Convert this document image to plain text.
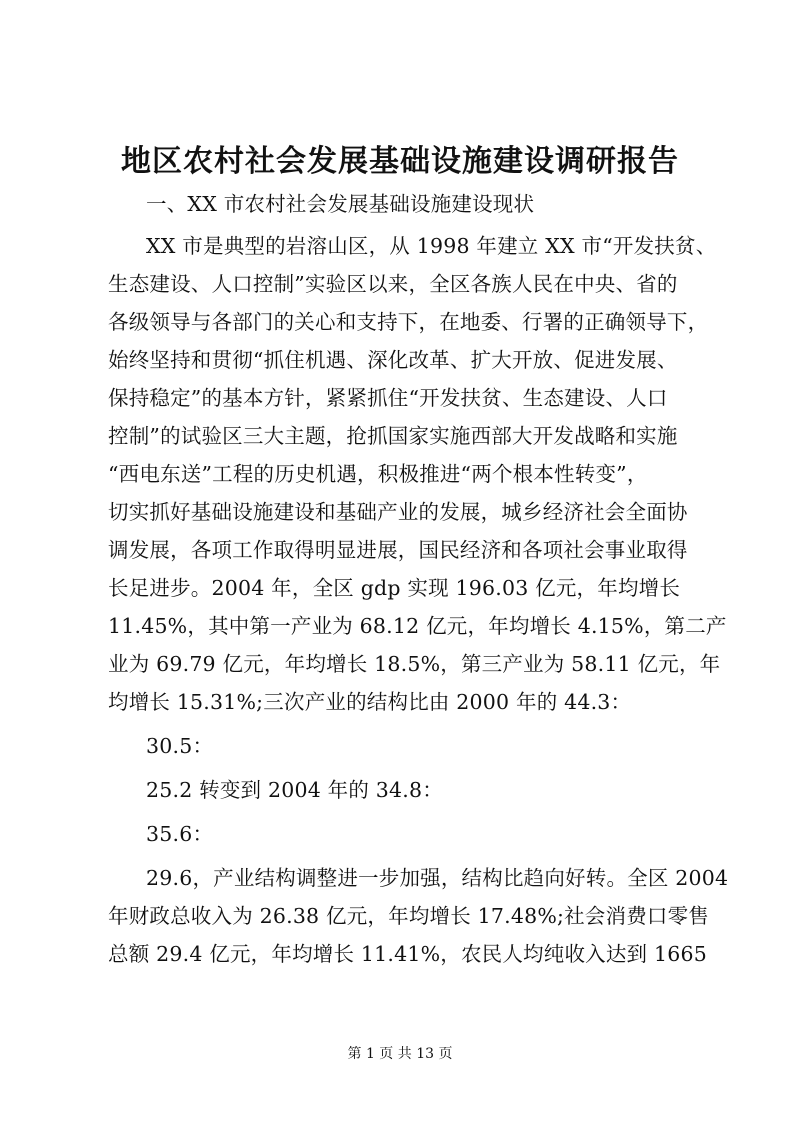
地区农村社会发展基础设施建设调研报告
一、XX 市农村社会发展基础设施建设现状
XX 市是典型的岩溶山区，从 1998 年建立 XX 市“开发扶贫、
生态建设、人口控制”实验区以来，全区各族人民在中央、省的
各级领导与各部门的关心和支持下，在地委、行署的正确领导下，
始终坚持和贯彻“抓住机遇、深化改革、扩大开放、促进发展、
保持稳定”的基本方针，紧紧抓住“开发扶贫、生态建设、人口
控制”的试验区三大主题，抢抓国家实施西部大开发战略和实施
“西电东送”工程的历史机遇，积极推进“两个根本性转变”，
切实抓好基础设施建设和基础产业的发展，城乡经济社会全面协
调发展，各项工作取得明显进展，国民经济和各项社会事业取得
长足进步。2004 年，全区 gdp 实现 196.03 亿元，年均增长
11.45%，其中第一产业为 68.12 亿元，年均增长 4.15%，第二产
业为 69.79 亿元，年均增长 18.5%，第三产业为 58.11 亿元，年
均增长 15.31%;三次产业的结构比由 2000 年的 44.3：
30.5：
25.2 转变到 2004 年的 34.8：
35.6：
29.6，产业结构调整进一步加强，结构比趋向好转。全区 2004
年财政总收入为 26.38 亿元，年均增长 17.48%;社会消费口零售
总额 29.4 亿元，年均增长 11.41%，农民人均纯收入达到 1665
第 1 页 共 13 页
